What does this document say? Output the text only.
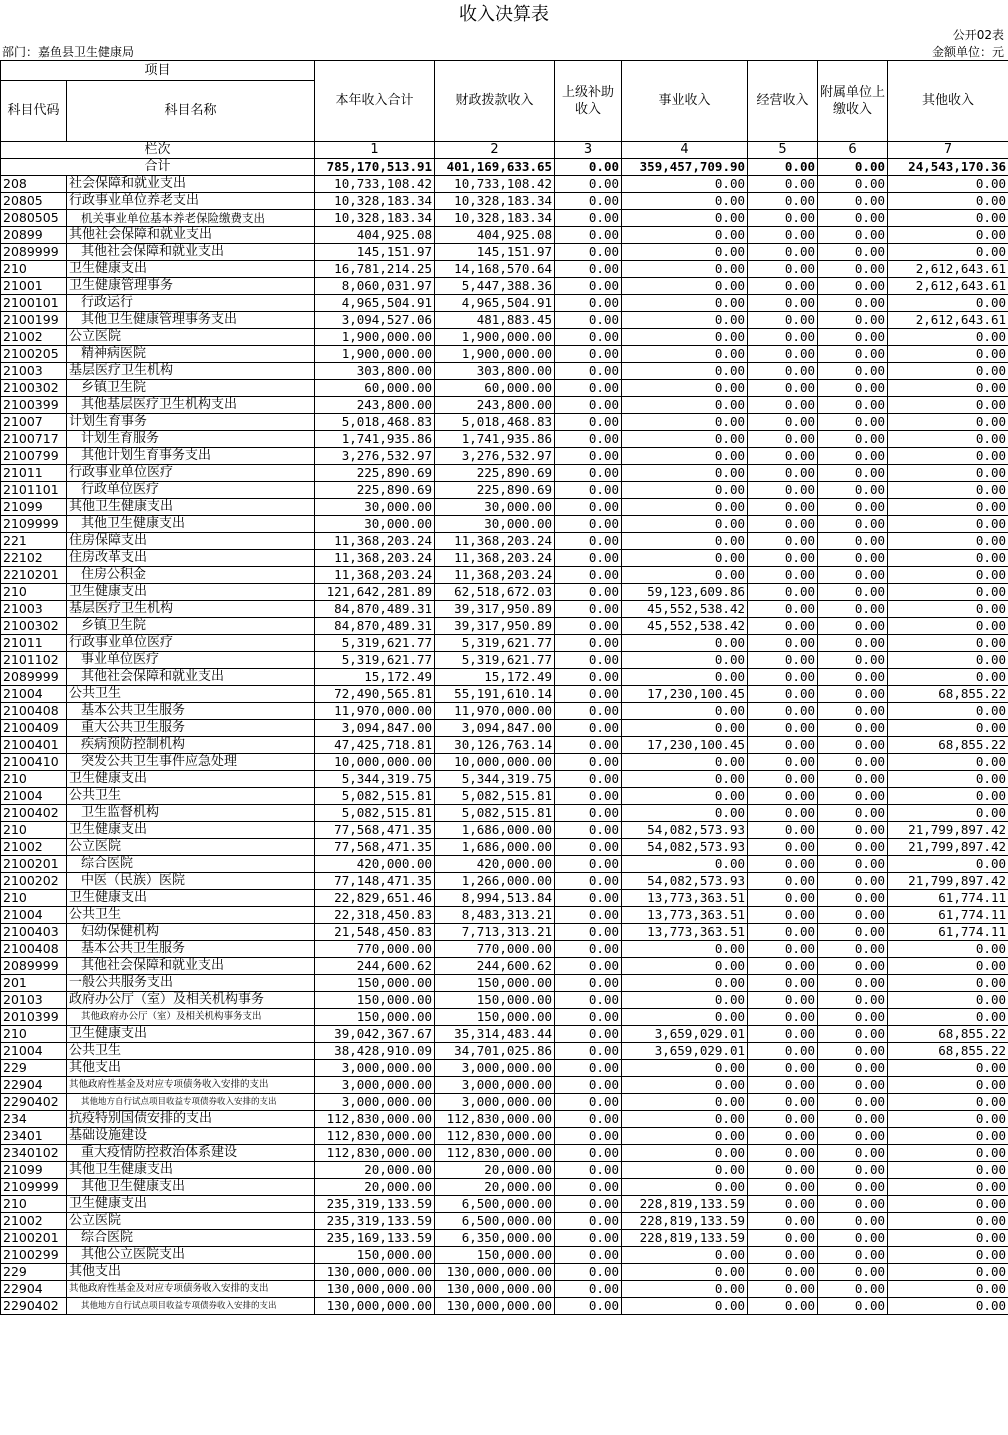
收入决算表
公开02表
部门：嘉鱼县卫生健康局	金额单位：元
项目		本年收入合计	财政拨款收入	上级补助收入	事业收入	经营收入	附属单位上缴收入	其他收入
科目代码	科目名称							
栏次		1	2	3	4	5	6	7
合计		785,170,513.91	401,169,633.65	0.00	359,457,709.90	0.00	0.00	24,543,170.36
208	社会保障和就业支出	10,733,108.42	10,733,108.42	0.00	0.00	0.00	0.00	0.00
20805	行政事业单位养老支出	10,328,183.34	10,328,183.34	0.00	0.00	0.00	0.00	0.00
2080505	机关事业单位基本养老保险缴费支出	10,328,183.34	10,328,183.34	0.00	0.00	0.00	0.00	0.00
20899	其他社会保障和就业支出	404,925.08	404,925.08	0.00	0.00	0.00	0.00	0.00
2089999	其他社会保障和就业支出	145,151.97	145,151.97	0.00	0.00	0.00	0.00	0.00
210	卫生健康支出	16,781,214.25	14,168,570.64	0.00	0.00	0.00	0.00	2,612,643.61
21001	卫生健康管理事务	8,060,031.97	5,447,388.36	0.00	0.00	0.00	0.00	2,612,643.61
2100101	行政运行	4,965,504.91	4,965,504.91	0.00	0.00	0.00	0.00	0.00
2100199	其他卫生健康管理事务支出	3,094,527.06	481,883.45	0.00	0.00	0.00	0.00	2,612,643.61
21002	公立医院	1,900,000.00	1,900,000.00	0.00	0.00	0.00	0.00	0.00
2100205	精神病医院	1,900,000.00	1,900,000.00	0.00	0.00	0.00	0.00	0.00
21003	基层医疗卫生机构	303,800.00	303,800.00	0.00	0.00	0.00	0.00	0.00
2100302	乡镇卫生院	60,000.00	60,000.00	0.00	0.00	0.00	0.00	0.00
2100399	其他基层医疗卫生机构支出	243,800.00	243,800.00	0.00	0.00	0.00	0.00	0.00
21007	计划生育事务	5,018,468.83	5,018,468.83	0.00	0.00	0.00	0.00	0.00
2100717	计划生育服务	1,741,935.86	1,741,935.86	0.00	0.00	0.00	0.00	0.00
2100799	其他计划生育事务支出	3,276,532.97	3,276,532.97	0.00	0.00	0.00	0.00	0.00
21011	行政事业单位医疗	225,890.69	225,890.69	0.00	0.00	0.00	0.00	0.00
2101101	行政单位医疗	225,890.69	225,890.69	0.00	0.00	0.00	0.00	0.00
21099	其他卫生健康支出	30,000.00	30,000.00	0.00	0.00	0.00	0.00	0.00
2109999	其他卫生健康支出	30,000.00	30,000.00	0.00	0.00	0.00	0.00	0.00
221	住房保障支出	11,368,203.24	11,368,203.24	0.00	0.00	0.00	0.00	0.00
22102	住房改革支出	11,368,203.24	11,368,203.24	0.00	0.00	0.00	0.00	0.00
2210201	住房公积金	11,368,203.24	11,368,203.24	0.00	0.00	0.00	0.00	0.00
210	卫生健康支出	121,642,281.89	62,518,672.03	0.00	59,123,609.86	0.00	0.00	0.00
21003	基层医疗卫生机构	84,870,489.31	39,317,950.89	0.00	45,552,538.42	0.00	0.00	0.00
2100302	乡镇卫生院	84,870,489.31	39,317,950.89	0.00	45,552,538.42	0.00	0.00	0.00
21011	行政事业单位医疗	5,319,621.77	5,319,621.77	0.00	0.00	0.00	0.00	0.00
2101102	事业单位医疗	5,319,621.77	5,319,621.77	0.00	0.00	0.00	0.00	0.00
2089999	其他社会保障和就业支出	15,172.49	15,172.49	0.00	0.00	0.00	0.00	0.00
21004	公共卫生	72,490,565.81	55,191,610.14	0.00	17,230,100.45	0.00	0.00	68,855.22
2100408	基本公共卫生服务	11,970,000.00	11,970,000.00	0.00	0.00	0.00	0.00	0.00
2100409	重大公共卫生服务	3,094,847.00	3,094,847.00	0.00	0.00	0.00	0.00	0.00
2100401	疾病预防控制机构	47,425,718.81	30,126,763.14	0.00	17,230,100.45	0.00	0.00	68,855.22
2100410	突发公共卫生事件应急处理	10,000,000.00	10,000,000.00	0.00	0.00	0.00	0.00	0.00
210	卫生健康支出	5,344,319.75	5,344,319.75	0.00	0.00	0.00	0.00	0.00
21004	公共卫生	5,082,515.81	5,082,515.81	0.00	0.00	0.00	0.00	0.00
2100402	卫生监督机构	5,082,515.81	5,082,515.81	0.00	0.00	0.00	0.00	0.00
210	卫生健康支出	77,568,471.35	1,686,000.00	0.00	54,082,573.93	0.00	0.00	21,799,897.42
21002	公立医院	77,568,471.35	1,686,000.00	0.00	54,082,573.93	0.00	0.00	21,799,897.42
2100201	综合医院	420,000.00	420,000.00	0.00	0.00	0.00	0.00	0.00
2100202	中医（民族）医院	77,148,471.35	1,266,000.00	0.00	54,082,573.93	0.00	0.00	21,799,897.42
210	卫生健康支出	22,829,651.46	8,994,513.84	0.00	13,773,363.51	0.00	0.00	61,774.11
21004	公共卫生	22,318,450.83	8,483,313.21	0.00	13,773,363.51	0.00	0.00	61,774.11
2100403	妇幼保健机构	21,548,450.83	7,713,313.21	0.00	13,773,363.51	0.00	0.00	61,774.11
2100408	基本公共卫生服务	770,000.00	770,000.00	0.00	0.00	0.00	0.00	0.00
2089999	其他社会保障和就业支出	244,600.62	244,600.62	0.00	0.00	0.00	0.00	0.00
201	一般公共服务支出	150,000.00	150,000.00	0.00	0.00	0.00	0.00	0.00
20103	政府办公厅（室）及相关机构事务	150,000.00	150,000.00	0.00	0.00	0.00	0.00	0.00
2010399	其他政府办公厅（室）及相关机构事务支出	150,000.00	150,000.00	0.00	0.00	0.00	0.00	0.00
210	卫生健康支出	39,042,367.67	35,314,483.44	0.00	3,659,029.01	0.00	0.00	68,855.22
21004	公共卫生	38,428,910.09	34,701,025.86	0.00	3,659,029.01	0.00	0.00	68,855.22
229	其他支出	3,000,000.00	3,000,000.00	0.00	0.00	0.00	0.00	0.00
22904	其他政府性基金及对应专项债务收入安排的支出	3,000,000.00	3,000,000.00	0.00	0.00	0.00	0.00	0.00
2290402	其他地方自行试点项目收益专项债券收入安排的支出	3,000,000.00	3,000,000.00	0.00	0.00	0.00	0.00	0.00
234	抗疫特别国债安排的支出	112,830,000.00	112,830,000.00	0.00	0.00	0.00	0.00	0.00
23401	基础设施建设	112,830,000.00	112,830,000.00	0.00	0.00	0.00	0.00	0.00
2340102	重大疫情防控救治体系建设	112,830,000.00	112,830,000.00	0.00	0.00	0.00	0.00	0.00
21099	其他卫生健康支出	20,000.00	20,000.00	0.00	0.00	0.00	0.00	0.00
2109999	其他卫生健康支出	20,000.00	20,000.00	0.00	0.00	0.00	0.00	0.00
210	卫生健康支出	235,319,133.59	6,500,000.00	0.00	228,819,133.59	0.00	0.00	0.00
21002	公立医院	235,319,133.59	6,500,000.00	0.00	228,819,133.59	0.00	0.00	0.00
2100201	综合医院	235,169,133.59	6,350,000.00	0.00	228,819,133.59	0.00	0.00	0.00
2100299	其他公立医院支出	150,000.00	150,000.00	0.00	0.00	0.00	0.00	0.00
229	其他支出	130,000,000.00	130,000,000.00	0.00	0.00	0.00	0.00	0.00
22904	其他政府性基金及对应专项债务收入安排的支出	130,000,000.00	130,000,000.00	0.00	0.00	0.00	0.00	0.00
2290402	其他地方自行试点项目收益专项债券收入安排的支出	130,000,000.00	130,000,000.00	0.00	0.00	0.00	0.00	0.00
